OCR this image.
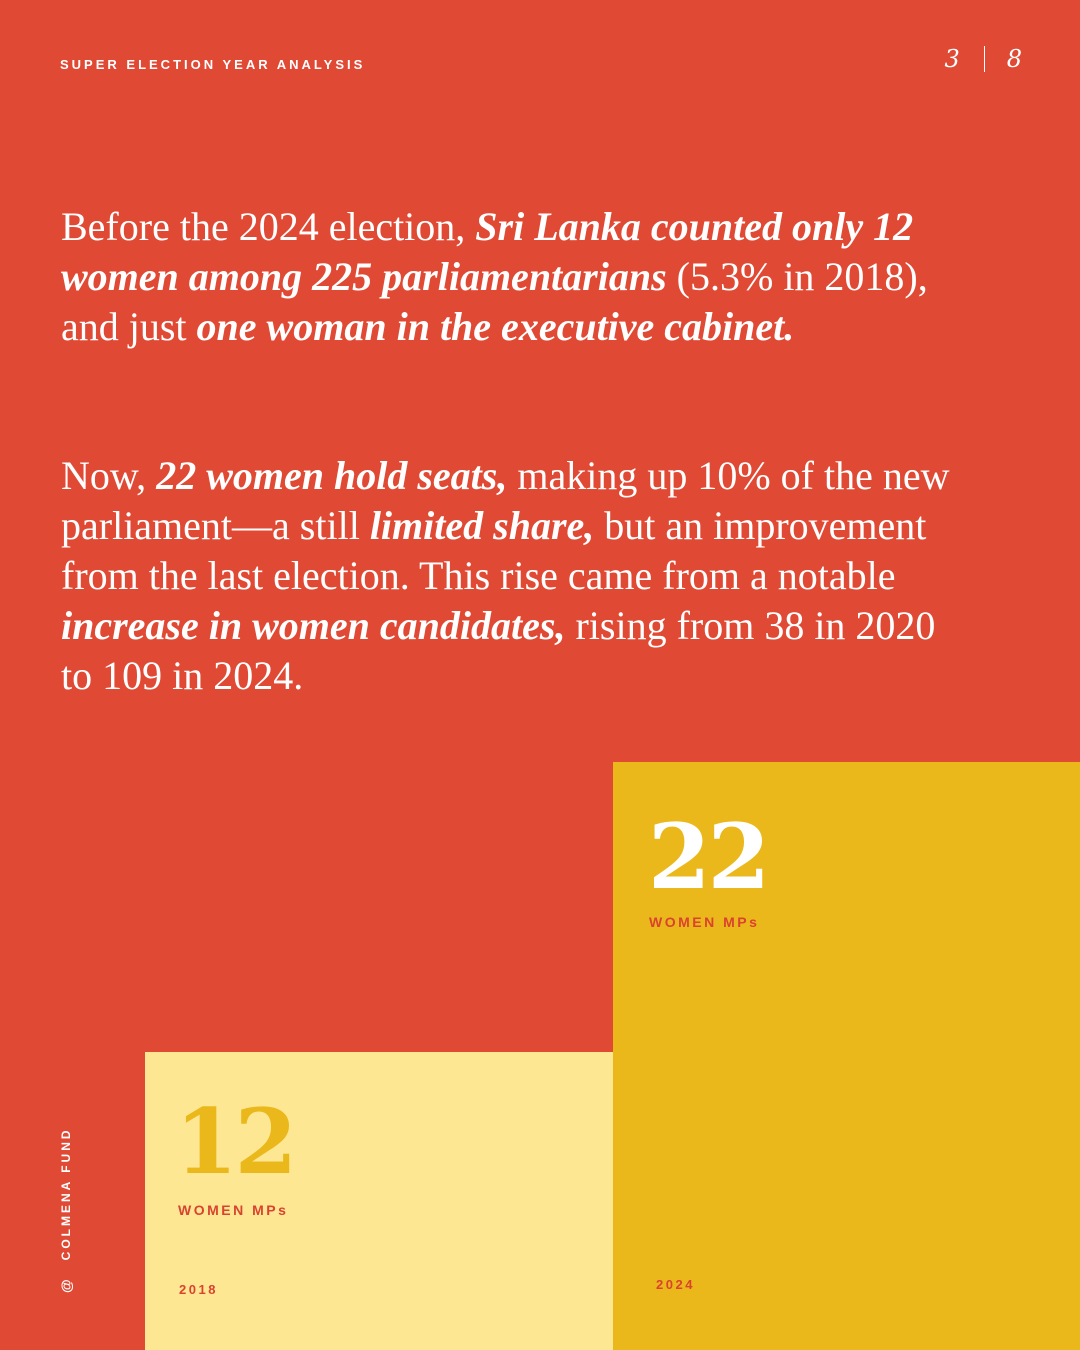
SUPER ELECTION YEAR ANALYSIS	3 8

Before the 2024 election, Sri Lanka counted only 12 women among 225 parliamentarians (5.3% in 2018), and just one woman in the executive cabinet.

Now, 22 women hold seats, making up 10% of the new parliament—a still limited share, but an improvement from the last election. This rise came from a notable increase in women candidates, rising from 38 in 2020 to 109 in 2024.

22
WOMEN MPs
2024
12
WOMEN MPs
2018
@
COLMENA FUND
